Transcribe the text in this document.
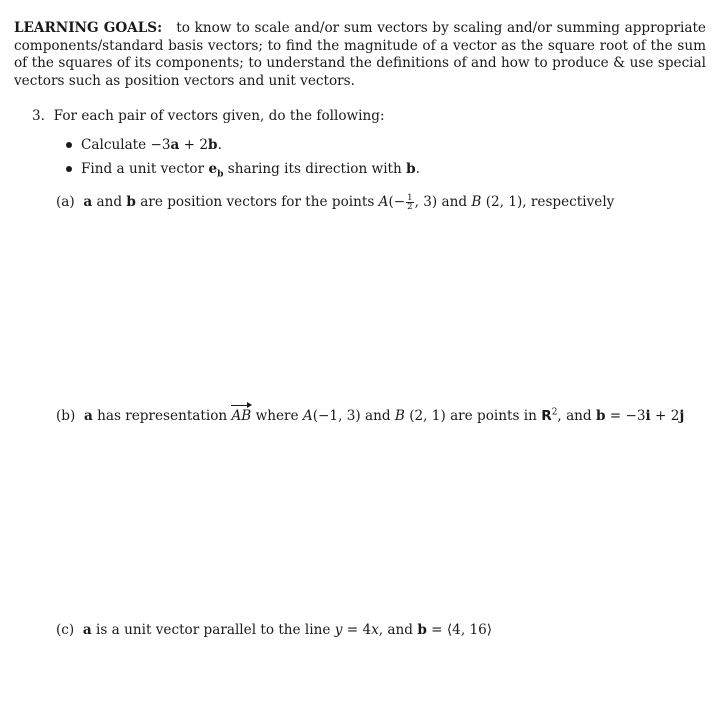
LEARNING GOALS: to know to scale and/or sum vectors by scaling and/or summing appropriate components/standard basis vectors; to find the magnitude of a vector as the square root of the sum of the squares of its components; to understand the definitions of and how to produce & use special vectors such as position vectors and unit vectors.
3. For each pair of vectors given, do the following:
Calculate −3a + 2b.
Find a unit vector $e_b$ sharing its direction with b.
(a) a and b are position vectors for the points $A(- \frac{1}{2}$ , 3) and B (2, 1), respectively
(b) a has representation AB where A(−1, 3) and B (2, 1) are points in $R^2$, and b = −3i + 2j
(c) a is a unit vector parallel to the line y = 4x, and b = ⟨4, 16⟩
